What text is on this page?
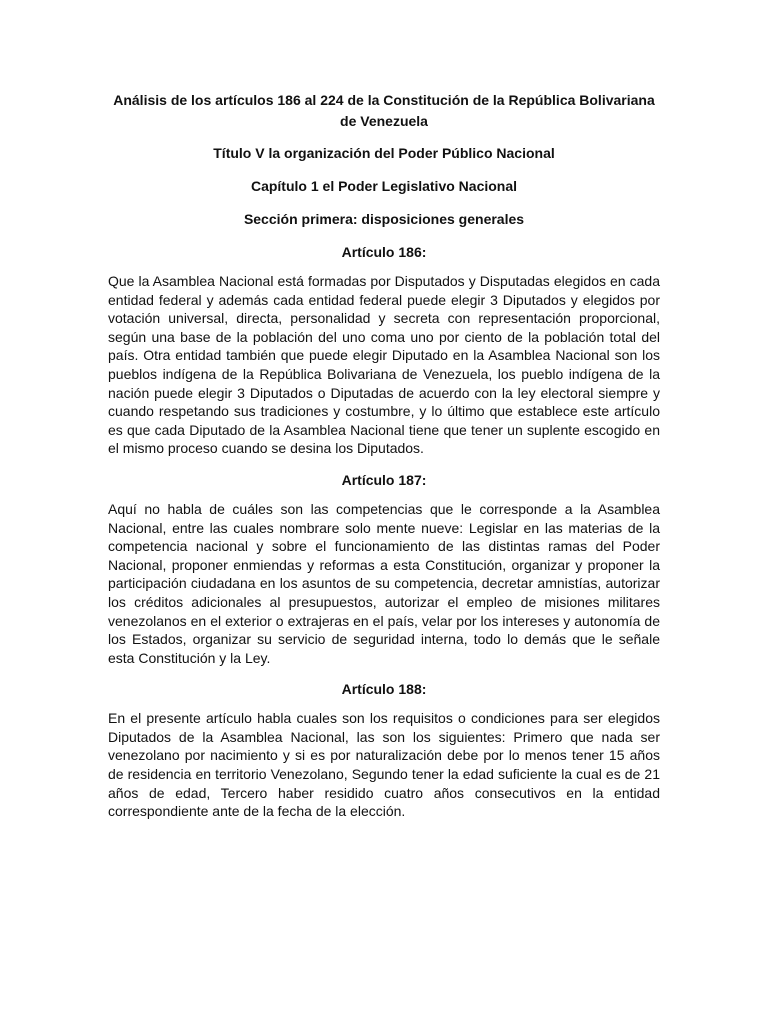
Análisis de los artículos 186 al 224 de la Constitución de la República Bolivariana de Venezuela
Título V la organización del Poder Público Nacional
Capítulo 1 el Poder Legislativo Nacional
Sección primera: disposiciones generales
Artículo 186:

Que la Asamblea Nacional está formadas por Disputados y Disputadas elegidos en cada entidad federal y además cada entidad federal puede elegir 3 Diputados y elegidos por votación universal, directa, personalidad y secreta con representación proporcional, según una base de la población del uno coma uno por ciento de la población total del país. Otra entidad también que puede elegir Diputado en la Asamblea Nacional son los pueblos indígena de la República Bolivariana de Venezuela, los pueblo indígena de la nación puede elegir 3 Diputados o Diputadas de acuerdo con la ley electoral siempre y cuando respetando sus tradiciones y costumbre, y lo último que establece este artículo es que cada Diputado de la Asamblea Nacional tiene que tener un suplente escogido en el mismo proceso cuando se desina los Diputados.

Artículo 187:

Aquí no habla de cuáles son las competencias que le corresponde a la Asamblea Nacional, entre las cuales nombrare solo mente nueve: Legislar en las materias de la competencia nacional y sobre el funcionamiento de las distintas ramas del Poder Nacional, proponer enmiendas y reformas a esta Constitución, organizar y proponer la participación ciudadana en los asuntos de su competencia, decretar amnistías, autorizar los créditos adicionales al presupuestos, autorizar el empleo de misiones militares venezolanos en el exterior o extrajeras en el país, velar por los intereses y autonomía de los Estados, organizar su servicio de seguridad interna, todo lo demás que le señale esta Constitución y la Ley.

Artículo 188:

En el presente artículo habla cuales son los requisitos o condiciones para ser elegidos Diputados de la Asamblea Nacional, las son los siguientes: Primero que nada ser venezolano por nacimiento y si es por naturalización debe por lo menos tener 15 años de residencia en territorio Venezolano, Segundo tener la edad suficiente la cual es de 21 años de edad, Tercero haber residido cuatro años consecutivos en la entidad correspondiente ante de la fecha de la elección.
